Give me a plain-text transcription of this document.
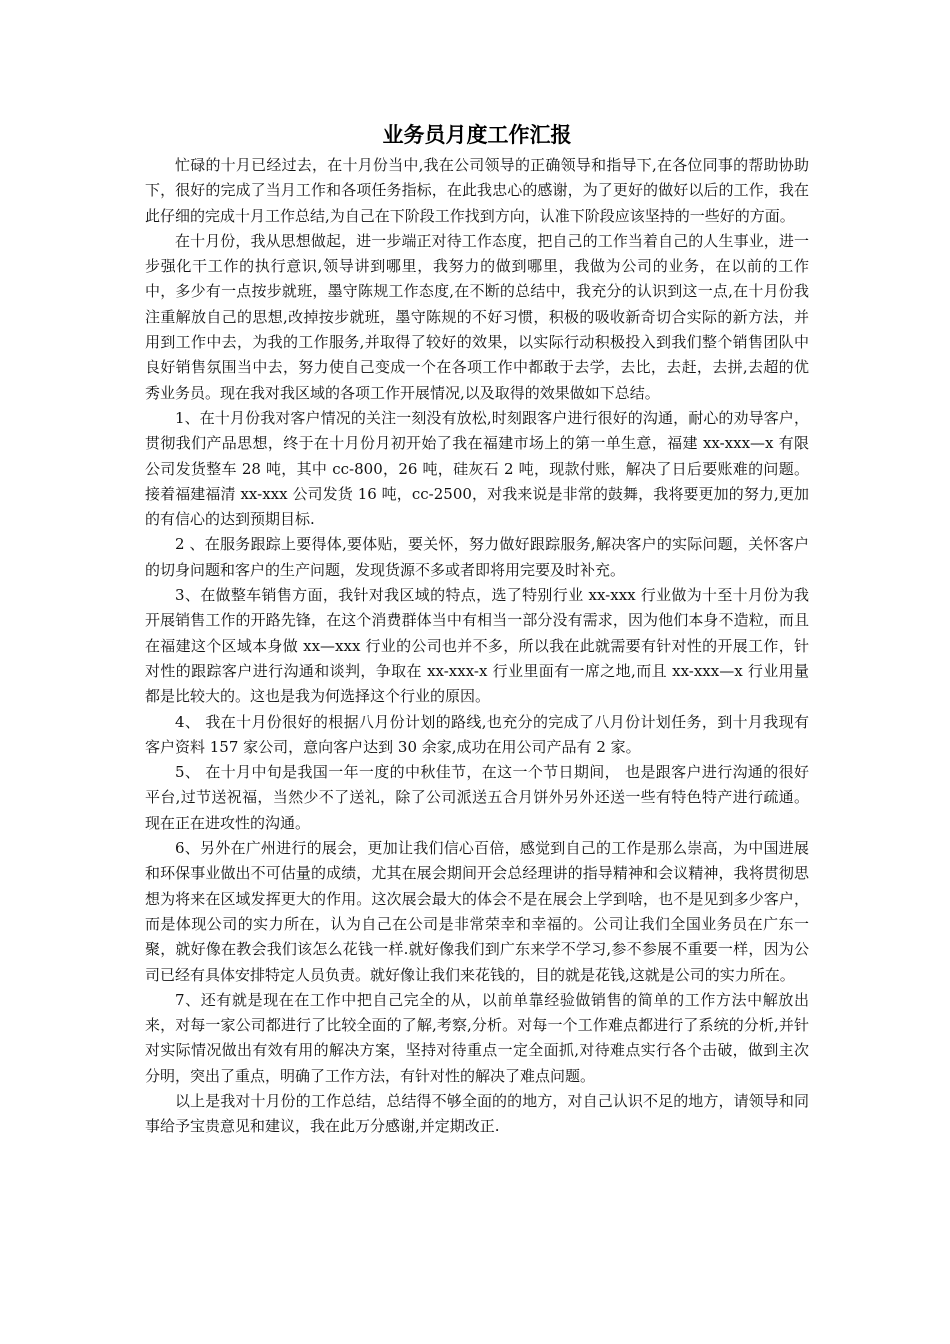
业务员月度工作汇报

忙碌的十月已经过去，在十月份当中,我在公司领导的正确领导和指导下,在各位同事的帮助协助下，很好的完成了当月工作和各项任务指标，在此我忠心的感谢，为了更好的做好以后的工作，我在此仔细的完成十月工作总结,为自己在下阶段工作找到方向，认准下阶段应该坚持的一些好的方面。

在十月份，我从思想做起，进一步端正对待工作态度，把自己的工作当着自己的人生事业，进一步强化干工作的执行意识,领导讲到哪里，我努力的做到哪里，我做为公司的业务，在以前的工作中，多少有一点按步就班，墨守陈规工作态度,在不断的总结中，我充分的认识到这一点,在十月份我注重解放自己的思想,改掉按步就班，墨守陈规的不好习惯，积极的吸收新奇切合实际的新方法，并用到工作中去，为我的工作服务,并取得了较好的效果，以实际行动积极投入到我们整个销售团队中良好销售氛围当中去，努力使自己变成一个在各项工作中都敢于去学，去比，去赶，去拼,去超的优秀业务员。现在我对我区域的各项工作开展情况,以及取得的效果做如下总结。

1、在十月份我对客户情况的关注一刻没有放松,时刻跟客户进行很好的沟通，耐心的劝导客户，贯彻我们产品思想，终于在十月份月初开始了我在福建市场上的第一单生意，福建 xx-xxx—x 有限公司发货整车 28 吨，其中 cc-800，26 吨，硅灰石 2 吨，现款付账，解决了日后要账难的问题。接着福建福清 xx-xxx 公司发货 16 吨，cc-2500，对我来说是非常的鼓舞，我将要更加的努力,更加的有信心的达到预期目标.

2 、在服务跟踪上要得体,要体贴，要关怀，努力做好跟踪服务,解决客户的实际问题，关怀客户的切身问题和客户的生产问题，发现货源不多或者即将用完要及时补充。

3、在做整车销售方面，我针对我区域的特点，选了特别行业 xx-xxx 行业做为十至十月份为我开展销售工作的开路先锋，在这个消费群体当中有相当一部分没有需求，因为他们本身不造粒，而且在福建这个区域本身做 xx—xxx 行业的公司也并不多，所以我在此就需要有针对性的开展工作，针对性的跟踪客户进行沟通和谈判，争取在 xx-xxx-x 行业里面有一席之地,而且 xx-xxx—x 行业用量都是比较大的。这也是我为何选择这个行业的原因。

4、 我在十月份很好的根据八月份计划的路线,也充分的完成了八月份计划任务，到十月我现有客户资料 157 家公司，意向客户达到 30 余家,成功在用公司产品有 2 家。

5、 在十月中旬是我国一年一度的中秋佳节，在这一个节日期间， 也是跟客户进行沟通的很好平台,过节送祝福，当然少不了送礼，除了公司派送五合月饼外另外还送一些有特色特产进行疏通。现在正在进攻性的沟通。

6、另外在广州进行的展会，更加让我们信心百倍，感觉到自己的工作是那么崇高，为中国进展和环保事业做出不可估量的成绩，尤其在展会期间开会总经理讲的指导精神和会议精神，我将贯彻思想为将来在区域发挥更大的作用。这次展会最大的体会不是在展会上学到啥，也不是见到多少客户，而是体现公司的实力所在，认为自己在公司是非常荣幸和幸福的。公司让我们全国业务员在广东一聚，就好像在教会我们该怎么花钱一样.就好像我们到广东来学不学习,参不参展不重要一样，因为公司已经有具体安排特定人员负责。就好像让我们来花钱的，目的就是花钱,这就是公司的实力所在。

7、还有就是现在在工作中把自己完全的从，以前单靠经验做销售的简单的工作方法中解放出来，对每一家公司都进行了比较全面的了解,考察,分析。对每一个工作难点都进行了系统的分析,并针对实际情况做出有效有用的解决方案，坚持对待重点一定全面抓,对待难点实行各个击破，做到主次分明，突出了重点，明确了工作方法，有针对性的解决了难点问题。

以上是我对十月份的工作总结，总结得不够全面的的地方，对自己认识不足的地方，请领导和同事给予宝贵意见和建议，我在此万分感谢,并定期改正.
